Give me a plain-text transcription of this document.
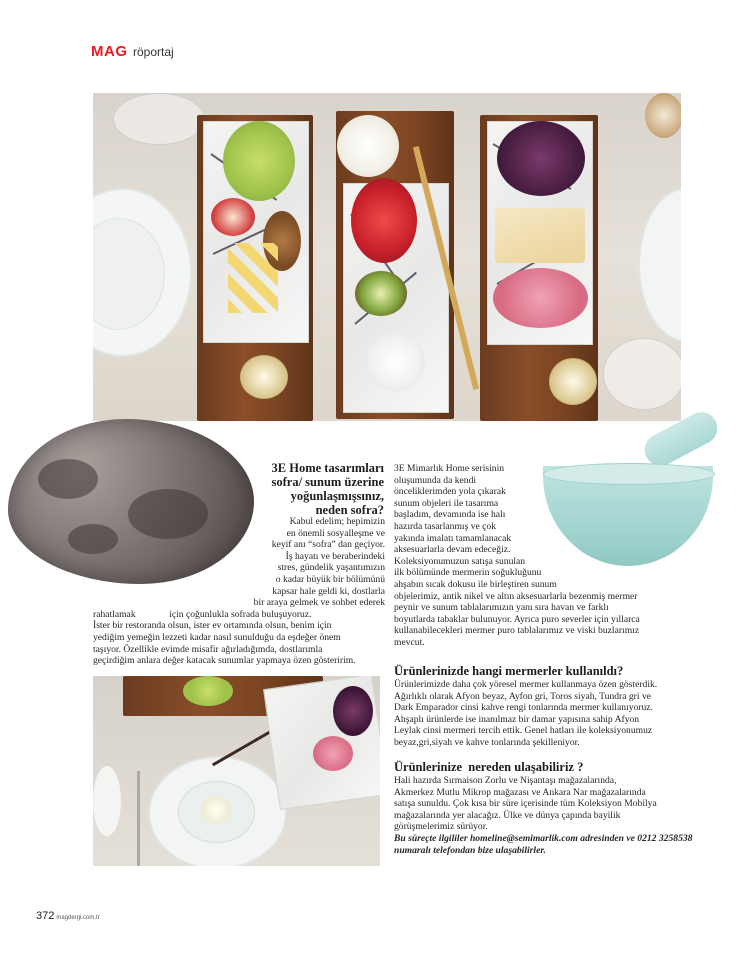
MAG röportaj
3E Home tasarımları
sofra/ sunum üzerine
yoğunlaşmışsınız,
neden sofra?

Kabul edelim; hepimizin

en önemli sosyalleşme ve

keyif anı “sofra” dan geçiyor.

İş hayatı ve beraberindeki

stres, gündelik yaşantımızın

o kadar büyük bir bölümünü

kapsar hale geldi ki, dostlarla

bir araya gelmek ve sohbet ederek

rahatlamak              için çoğunlukla sofrada buluşuyoruz.

İster bir restoranda olsun, ister ev ortamında olsun, benim için

yediğim yemeğin lezzeti kadar nasıl sunulduğu da eşdeğer önem

taşıyor. Özellikle evimde misafir ağırladığımda, dostlarımla

geçirdiğim anlara değer katacak sunumlar yapmaya özen gösteririm.

3E Mimarlık Home serisinin

oluşumunda da kendi

önceliklerimden yola çıkarak

sunum objeleri ile tasarıma

başladım, devamında ise halı

hazırda tasarlanmış ve çok

yakında imalatı tamamlanacak

aksesuarlarla devam edeceğiz.

Koleksiyonumuzun satışa sunulan

ilk bölümünde mermerin soğukluğunu

ahşabın sıcak dokusu ile birleştiren sunum

objelerimiz, antik nikel ve altın aksesuarlarla bezenmiş mermer

peynir ve sunum tablalarımızın yanı sıra havan ve farklı

boyutlarda tabaklar bulunuyor. Ayrıca puro severler için yıllarca

kullanabilecekleri mermer puro tablalarımız ve viski buzlarımız

mevcut.

Ürünlerinizde hangi mermerler kullanıldı?

Ürünlerimizde daha çok yöresel mermer kullanmaya özen gösterdik.

Ağırlıklı olarak Afyon beyaz, Ayfon gri, Toros siyah, Tundra gri ve

Dark Emparador cinsi kahve rengi tonlarında mermer kullanıyoruz.

Ahşaplı ürünlerde ise inanılmaz bir damar yapısına sahip Afyon

Leylak cinsi mermeri tercih ettik. Genel hatları ile koleksiyonumuz

beyaz,gri,siyah ve kahve tonlarında şekilleniyor.

Ürünlerinize  nereden ulaşabiliriz ?

Hali hazırda Sırmaison Zorlu ve Nişantaşı mağazalarında,

Akmerkez Mutlu Mikrop mağazası ve Ankara Nar mağazalarında

satışa sunuldu. Çok kısa bir süre içerisinde tüm Koleksiyon Mobilya

mağazalarında yer alacağız. Ülke ve dünya çapında bayilik

görüşmelerimiz sürüyor.

Bu süreçte ilgililer homeline@semimarlik.com adresinden ve 0212 3258538

numaralı telefondan bize ulaşabilirler.

372 magdergi.com.tr
